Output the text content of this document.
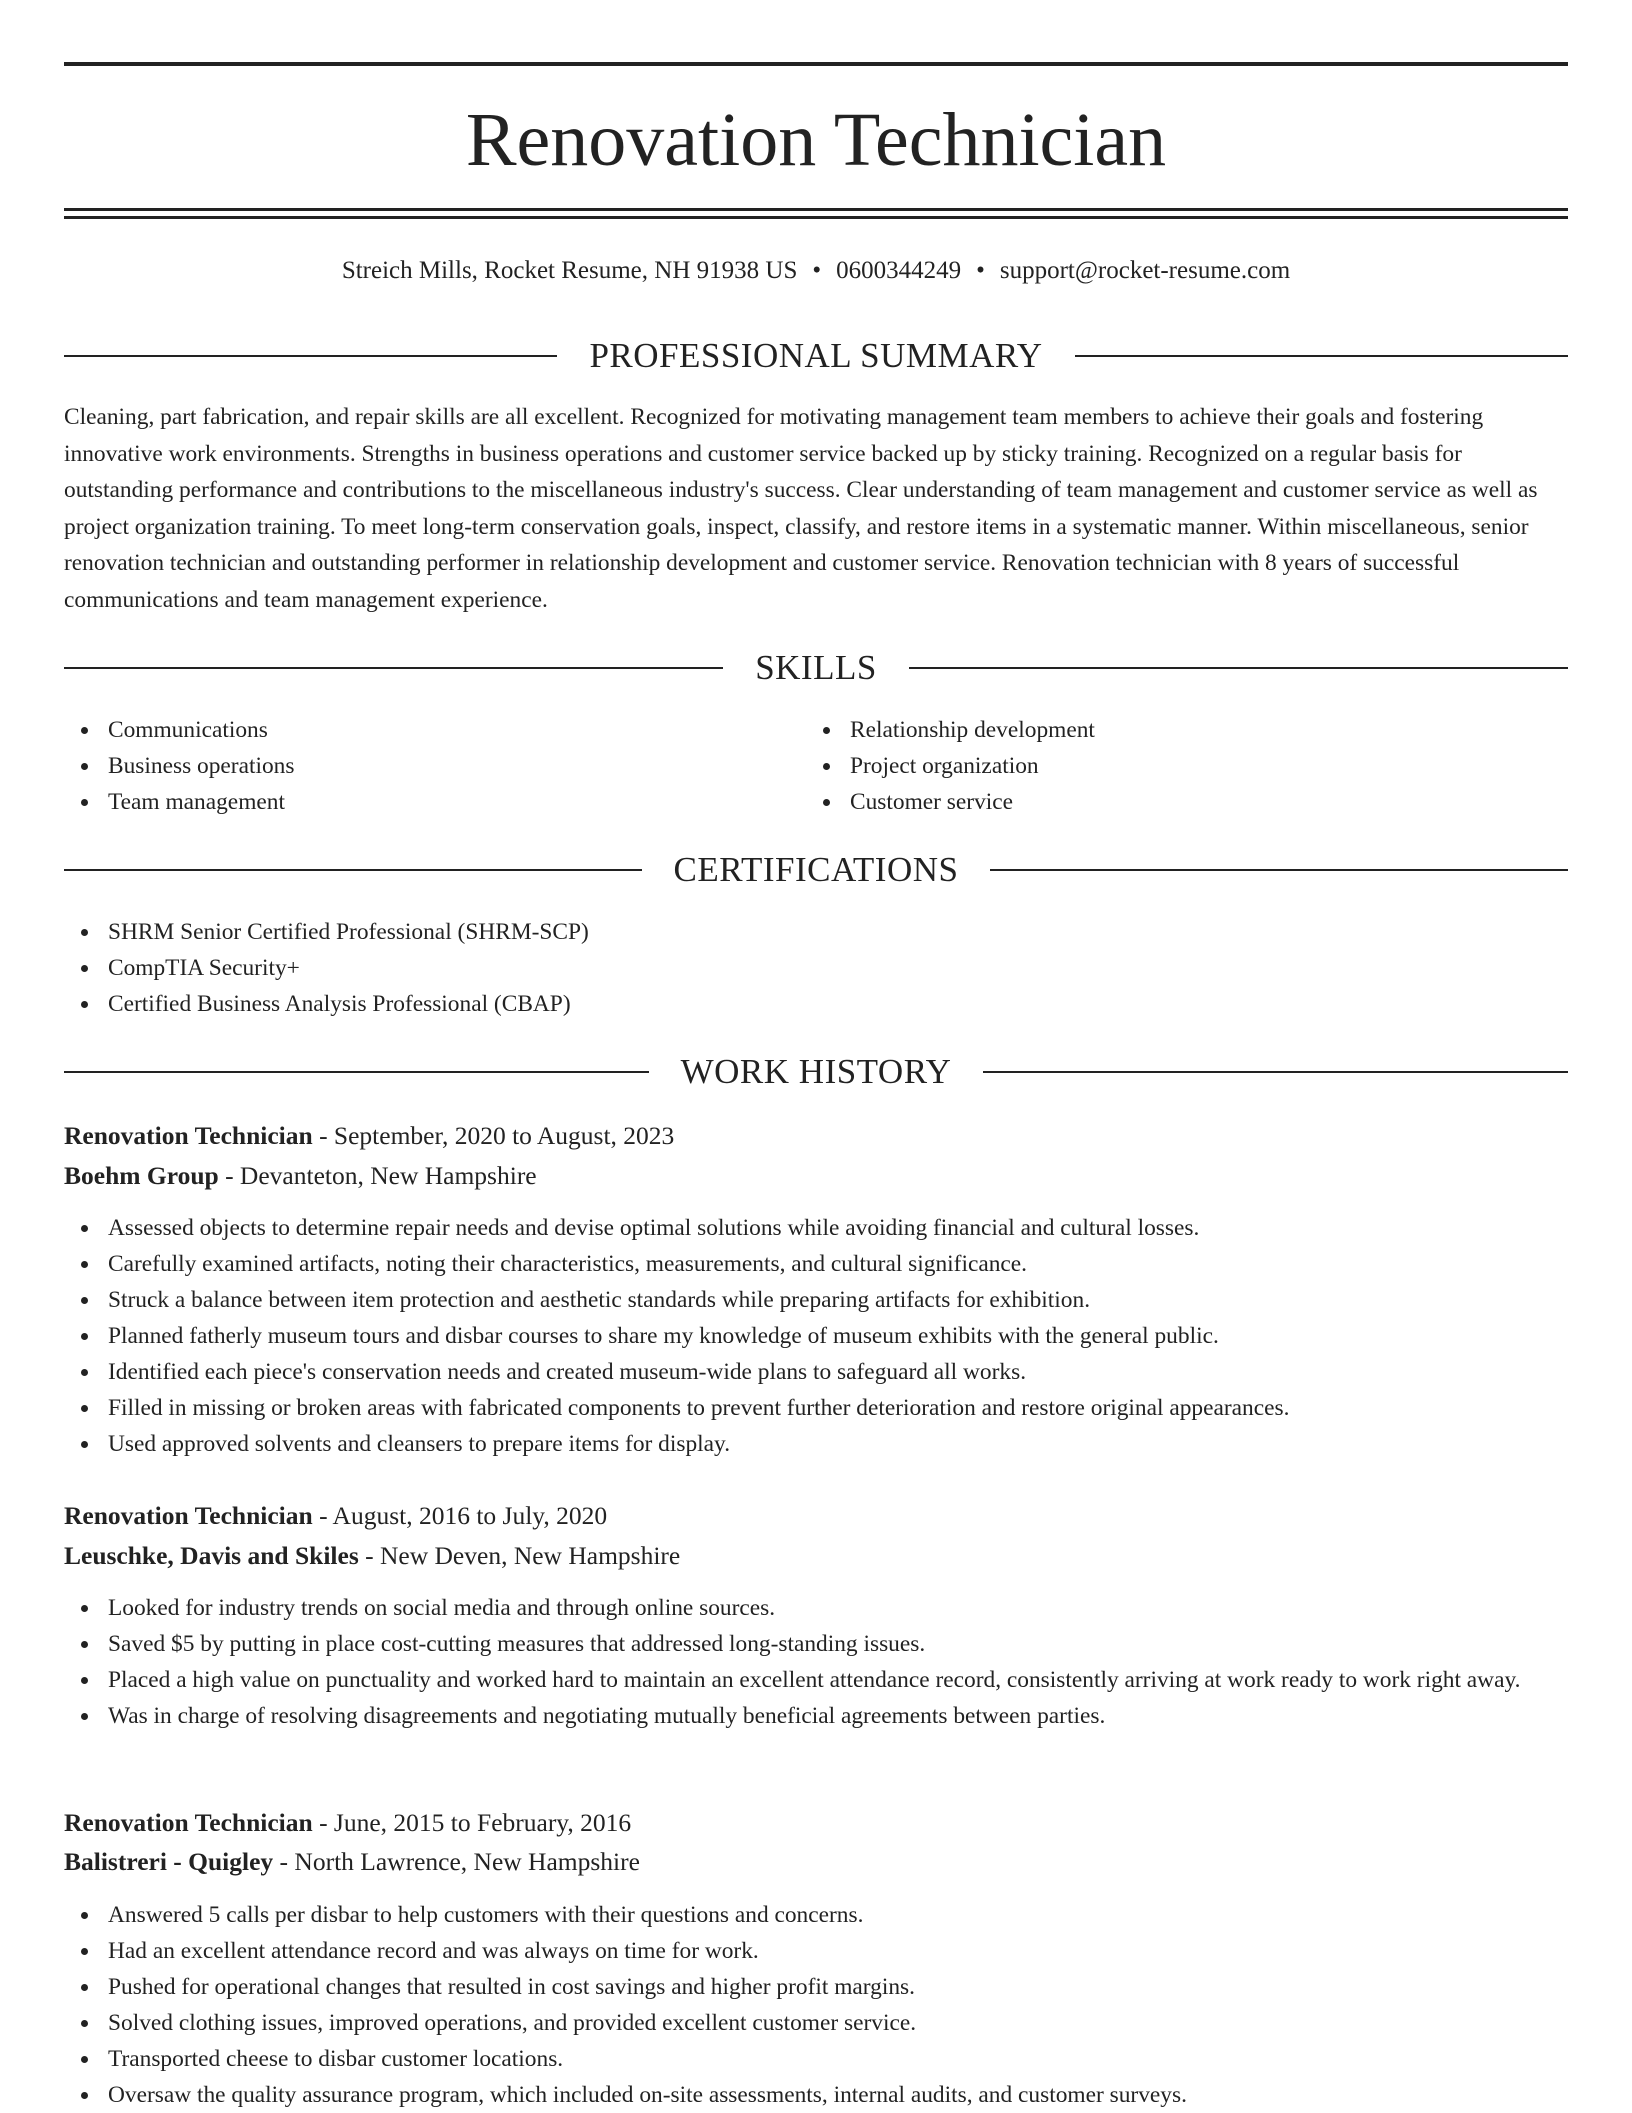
Renovation Technician
Streich Mills, Rocket Resume, NH 91938 US • 0600344249 • support@rocket-resume.com
PROFESSIONAL SUMMARY
Cleaning, part fabrication, and repair skills are all excellent. Recognized for motivating management team members to achieve their goals and fostering innovative work environments. Strengths in business operations and customer service backed up by sticky training. Recognized on a regular basis for outstanding performance and contributions to the miscellaneous industry's success. Clear understanding of team management and customer service as well as project organization training. To meet long-term conservation goals, inspect, classify, and restore items in a systematic manner. Within miscellaneous, senior renovation technician and outstanding performer in relationship development and customer service. Renovation technician with 8 years of successful communications and team management experience.
SKILLS
Communications
Business operations
Team management
Relationship development
Project organization
Customer service
CERTIFICATIONS
SHRM Senior Certified Professional (SHRM-SCP)
CompTIA Security+
Certified Business Analysis Professional (CBAP)
WORK HISTORY
Renovation Technician - September, 2020 to August, 2023
Boehm Group - Devanteton, New Hampshire
Assessed objects to determine repair needs and devise optimal solutions while avoiding financial and cultural losses.
Carefully examined artifacts, noting their characteristics, measurements, and cultural significance.
Struck a balance between item protection and aesthetic standards while preparing artifacts for exhibition.
Planned fatherly museum tours and disbar courses to share my knowledge of museum exhibits with the general public.
Identified each piece's conservation needs and created museum-wide plans to safeguard all works.
Filled in missing or broken areas with fabricated components to prevent further deterioration and restore original appearances.
Used approved solvents and cleansers to prepare items for display.
Renovation Technician - August, 2016 to July, 2020
Leuschke, Davis and Skiles - New Deven, New Hampshire
Looked for industry trends on social media and through online sources.
Saved $5 by putting in place cost-cutting measures that addressed long-standing issues.
Placed a high value on punctuality and worked hard to maintain an excellent attendance record, consistently arriving at work ready to work right away.
Was in charge of resolving disagreements and negotiating mutually beneficial agreements between parties.
Renovation Technician - June, 2015 to February, 2016
Balistreri - Quigley - North Lawrence, New Hampshire
Answered 5 calls per disbar to help customers with their questions and concerns.
Had an excellent attendance record and was always on time for work.
Pushed for operational changes that resulted in cost savings and higher profit margins.
Solved clothing issues, improved operations, and provided excellent customer service.
Transported cheese to disbar customer locations.
Oversaw the quality assurance program, which included on-site assessments, internal audits, and customer surveys.
